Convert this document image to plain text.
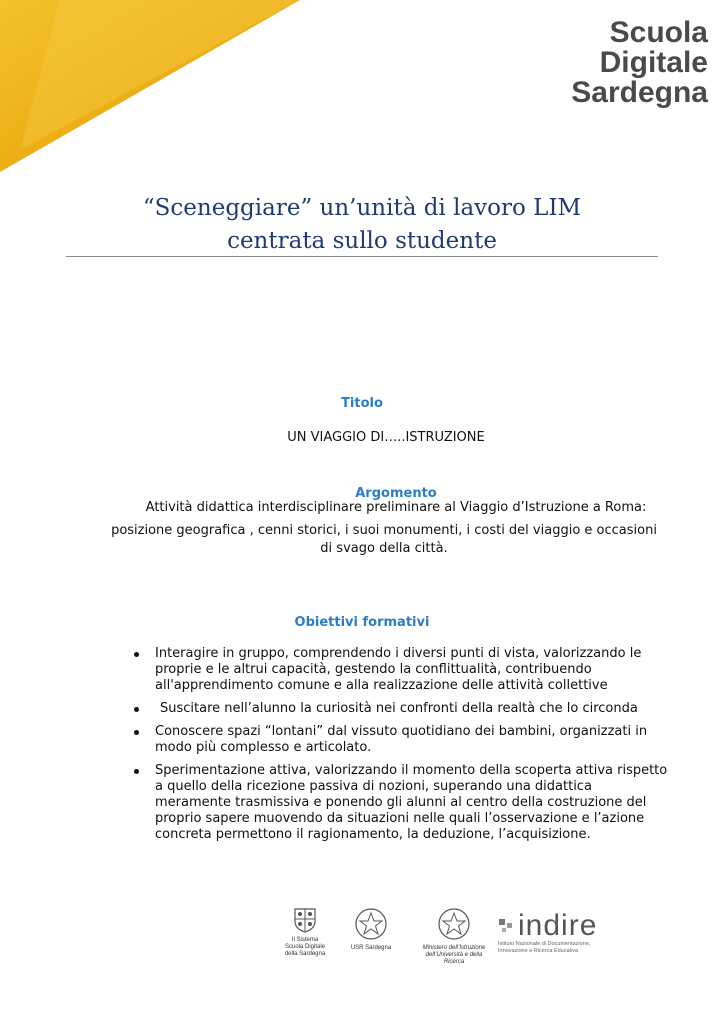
Scuola
Digitale
Sardegna
“Sceneggiare” un’unità di lavoro LIM
centrata sullo studente
Titolo
UN VIAGGIO DI…..ISTRUZIONE
Argomento
Attività didattica interdisciplinare preliminare al Viaggio d’Istruzione a Roma:
posizione geografica , cenni storici, i suoi monumenti, i costi del viaggio e occasioni di svago della città.
Obiettivi formativi
Interagire in gruppo, comprendendo i diversi punti di vista, valorizzando le proprie e le altrui capacità, gestendo la conflittualità, contribuendo all'apprendimento comune e alla realizzazione delle attività collettive
Suscitare nell’alunno la curiosità nei confronti della realtà che lo circonda
Conoscere spazi “lontani” dal vissuto quotidiano dei bambini, organizzati in modo più complesso e articolato.
Sperimentazione attiva, valorizzando il momento della scoperta attiva rispetto a quello della ricezione passiva di nozioni, superando una didattica meramente trasmissiva e ponendo gli alunni al centro della costruzione del proprio sapere muovendo da situazioni nelle quali l’osservazione e l’azione concreta permettono il ragionamento, la deduzione, l’acquisizione.
Il Sistema
Scuola Digitale
della Sardegna
USR Sardegna	Ministero dell’Istruzione
dell’Università e della Ricerca
indire
Istituto Nazionale di Documentazione,
Innovazione e Ricerca Educativa
